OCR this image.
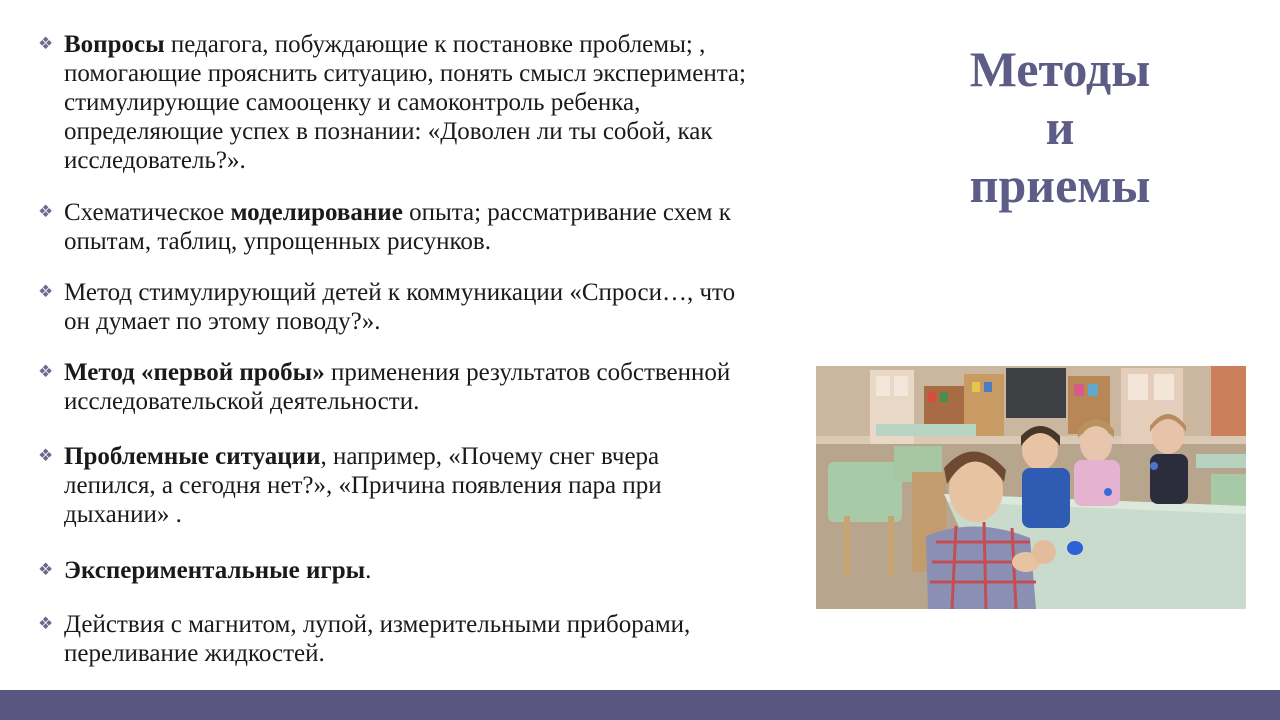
❖ Вопросы педагога, побуждающие к постановке проблемы; ,
помогающие прояснить ситуацию, понять смысл эксперимента;
стимулирующие самооценку и самоконтроль ребенка,
определяющие успех в познании: «Доволен ли ты собой, как
исследователь?».
❖ Схематическое моделирование опыта; рассматривание схем к
опытам, таблиц, упрощенных рисунков.
❖ Метод стимулирующий детей к коммуникации «Спроси…, что
он думает по этому поводу?».
❖ Метод «первой пробы» применения результатов собственной
исследовательской деятельности.
❖ Проблемные ситуации, например, «Почему снег вчера
лепился, а сегодня нет?», «Причина появления пара при
дыхании» .
❖ Экспериментальные игры.
❖ Действия с магнитом, лупой, измерительными приборами,
переливание жидкостей.
Методы
и
приемы
